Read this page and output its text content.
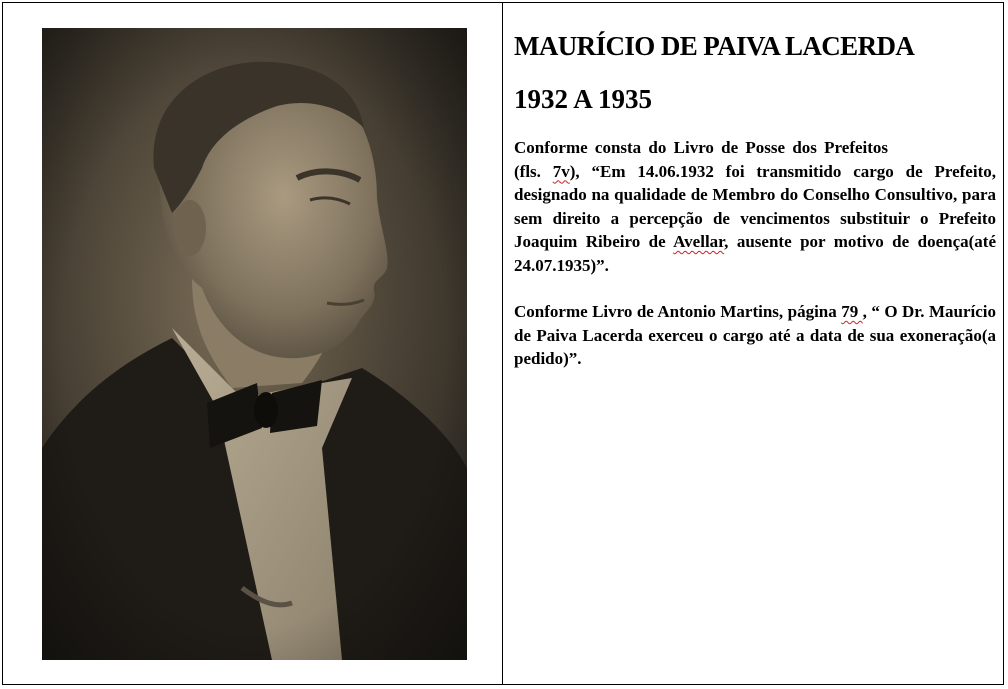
MAURÍCIO DE PAIVA LACERDA
1932 A 1935

Conforme consta do Livro de Posse dos Prefeitos
(fls. 7v), “Em 14.06.1932 foi transmitido cargo de Prefeito, designado na qualidade de Membro do Conselho Consultivo, para sem direito a percepção de vencimentos substituir o Prefeito Joaquim Ribeiro de Avellar, ausente por motivo de doença(até 24.07.1935)”.

Conforme Livro de Antonio Martins, página 79 , “ O Dr. Maurício de Paiva Lacerda exerceu o cargo até a data de sua exoneração(a pedido)”.
